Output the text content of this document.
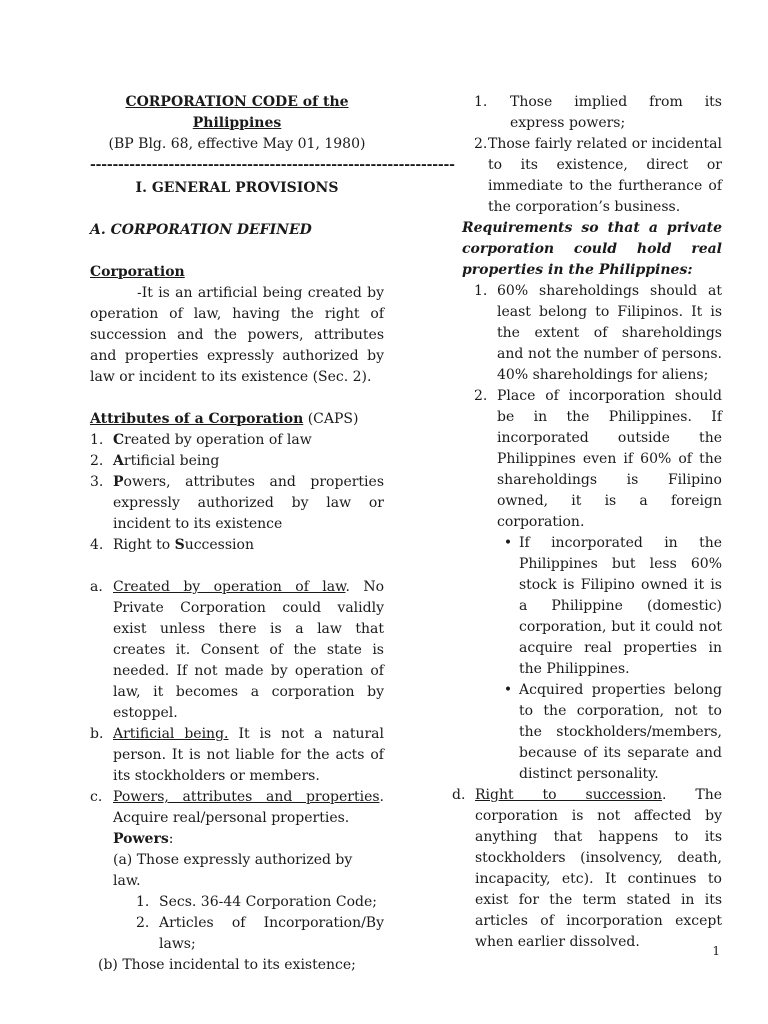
CORPORATION CODE of the

Philippines

(BP Blg. 68, effective May 01, 1980)

-----------------------------------------------------------------

I. GENERAL PROVISIONS

A. CORPORATION DEFINED

Corporation

-It is an artificial being created by operation of law, having the right of succession and the powers, attributes and properties expressly authorized by law or incident to its existence (Sec. 2).

Attributes of a Corporation (CAPS)

1. Created by operation of law
2. Artificial being
3. Powers, attributes and properties expressly authorized by law or incident to its existence
4. Right to Succession
a. Created by operation of law. No Private Corporation could validly exist unless there is a law that creates it. Consent of the state is needed. If not made by operation of law, it becomes a corporation by estoppel.
b. Artificial being. It is not a natural person. It is not liable for the acts of its stockholders or members.
c. Powers, attributes and properties. Acquire real/personal properties.

Powers:

(a) Those expressly authorized by law.

1. Secs. 36-44 Corporation Code;
2. Articles of Incorporation/By laws;

(b) Those incidental to its existence;

1.	Those implied from its express powers;
2. Those fairly related or incidental to its existence, direct or immediate to the furtherance of the corporation’s business.

Requirements so that a private corporation could hold real properties in the Philippines:

1. 60% shareholdings should at least belong to Filipinos. It is the extent of shareholdings and not the number of persons. 40% shareholdings for aliens;
2. Place of incorporation should be in the Philippines. If incorporated outside the Philippines even if 60% of the shareholdings is Filipino owned, it is a foreign corporation.
• If incorporated in the Philippines but less 60% stock is Filipino owned it is a Philippine (domestic) corporation, but it could not acquire real properties in the Philippines.
• Acquired properties belong to the corporation, not to the stockholders/members, because of its separate and distinct personality.
d. Right to succession. The corporation is not affected by anything that happens to its stockholders (insolvency, death, incapacity, etc). It continues to exist for the term stated in its articles of incorporation except when earlier dissolved.
1
